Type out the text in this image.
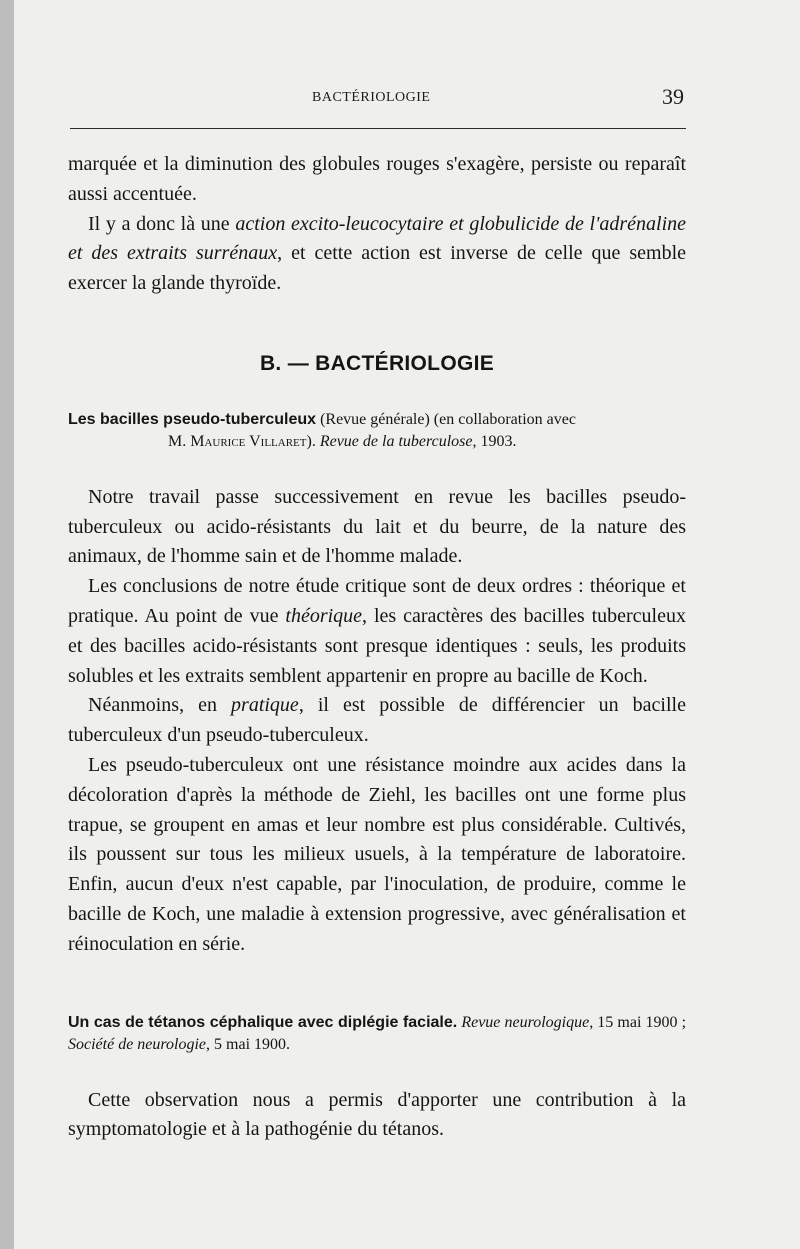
BACTÉRIOLOGIE	39

marquée et la diminution des globules rouges s'exagère, persiste ou reparaît aussi accentuée.

Il y a donc là une action excito-leucocytaire et globulicide de l'adrénaline et des extraits surrénaux, et cette action est inverse de celle que semble exercer la glande thyroïde.

B. — BACTÉRIOLOGIE

Les bacilles pseudo-tuberculeux (Revue générale) (en collaboration avec
M. Maurice Villaret). Revue de la tuberculose, 1903.

Notre travail passe successivement en revue les bacilles pseudo-tuberculeux ou acido-résistants du lait et du beurre, de la nature des animaux, de l'homme sain et de l'homme malade.

Les conclusions de notre étude critique sont de deux ordres : théorique et pratique. Au point de vue théorique, les caractères des bacilles tuberculeux et des bacilles acido-résistants sont presque identiques : seuls, les produits solubles et les extraits semblent appartenir en propre au bacille de Koch.

Néanmoins, en pratique, il est possible de différencier un bacille tuberculeux d'un pseudo-tuberculeux.

Les pseudo-tuberculeux ont une résistance moindre aux acides dans la décoloration d'après la méthode de Ziehl, les bacilles ont une forme plus trapue, se groupent en amas et leur nombre est plus considérable. Cultivés, ils poussent sur tous les milieux usuels, à la température de laboratoire. Enfin, aucun d'eux n'est capable, par l'inoculation, de produire, comme le bacille de Koch, une maladie à extension progressive, avec généralisation et réinoculation en série.

Un cas de tétanos céphalique avec diplégie faciale. Revue neurologique, 15 mai 1900 ; Société de neurologie, 5 mai 1900.

Cette observation nous a permis d'apporter une contribution à la symptomatologie et à la pathogénie du tétanos.
